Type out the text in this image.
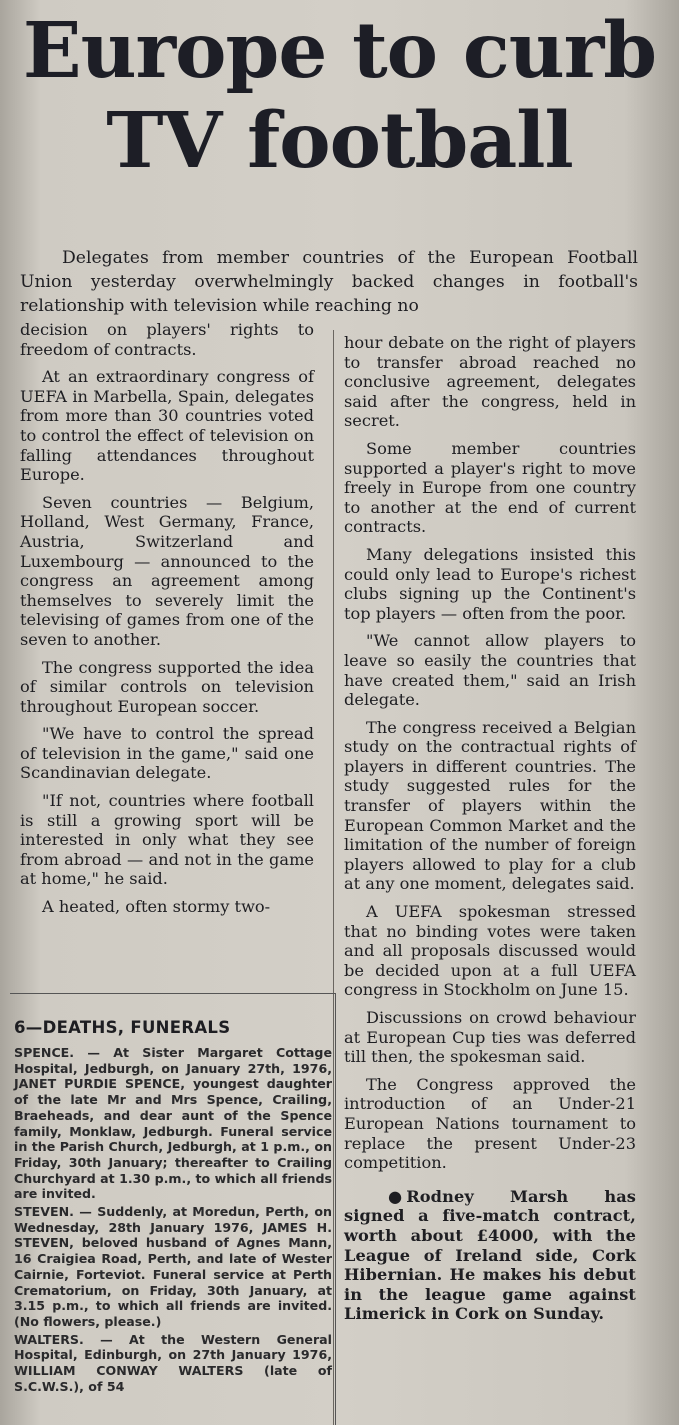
Europe to curb
TV football

Delegates from member countries of the European Football Union yesterday overwhelmingly backed changes in football's relationship with television while reaching no

decision on players' rights to freedom of contracts.

At an extraordinary congress of UEFA in Marbella, Spain, delegates from more than 30 countries voted to control the effect of television on falling attendances throughout Europe.

Seven countries — Belgium, Holland, West Germany, France, Austria, Switzerland and Luxembourg — announced to the congress an agreement among themselves to severely limit the televising of games from one of the seven to another.

The congress supported the idea of similar controls on television throughout European soccer.

"We have to control the spread of television in the game," said one Scandinavian delegate.

"If not, countries where football is still a growing sport will be interested in only what they see from abroad — and not in the game at home," he said.

A heated, often stormy two-

hour debate on the right of players to transfer abroad reached no conclusive agreement, delegates said after the congress, held in secret.

Some member countries supported a player's right to move freely in Europe from one country to another at the end of current contracts.

Many delegations insisted this could only lead to Europe's richest clubs signing up the Continent's top players — often from the poor.

"We cannot allow players to leave so easily the countries that have created them," said an Irish delegate.

The congress received a Belgian study on the contractual rights of players in different countries. The study suggested rules for the transfer of players within the European Common Market and the limitation of the number of foreign players allowed to play for a club at any one moment, delegates said.

A UEFA spokesman stressed that no binding votes were taken and all proposals discussed would be decided upon at a full UEFA congress in Stockholm on June 15.

Discussions on crowd behaviour at European Cup ties was deferred till then, the spokesman said.

The Congress approved the introduction of an Under-21 European Nations tournament to replace the present Under-23 competition.

● Rodney Marsh has signed a five-match contract, worth about £4000, with the League of Ireland side, Cork Hibernian. He makes his debut in the league game against Limerick in Cork on Sunday.

6—DEATHS, FUNERALS

SPENCE. — At Sister Margaret Cottage Hospital, Jedburgh, on January 27th, 1976, JANET PURDIE SPENCE, youngest daughter of the late Mr and Mrs Spence, Crailing, Braeheads, and dear aunt of the Spence family, Monklaw, Jedburgh. Funeral service in the Parish Church, Jedburgh, at 1 p.m., on Friday, 30th January; thereafter to Crailing Churchyard at 1.30 p.m., to which all friends are invited.

STEVEN. — Suddenly, at Moredun, Perth, on Wednesday, 28th January 1976, JAMES H. STEVEN, beloved husband of Agnes Mann, 16 Craigiea Road, Perth, and late of Wester Cairnie, Forteviot. Funeral service at Perth Crematorium, on Friday, 30th January, at 3.15 p.m., to which all friends are invited. (No flowers, please.)

WALTERS. — At the Western General Hospital, Edinburgh, on 27th January 1976, WILLIAM CONWAY WALTERS (late of S.C.W.S.), of 54
